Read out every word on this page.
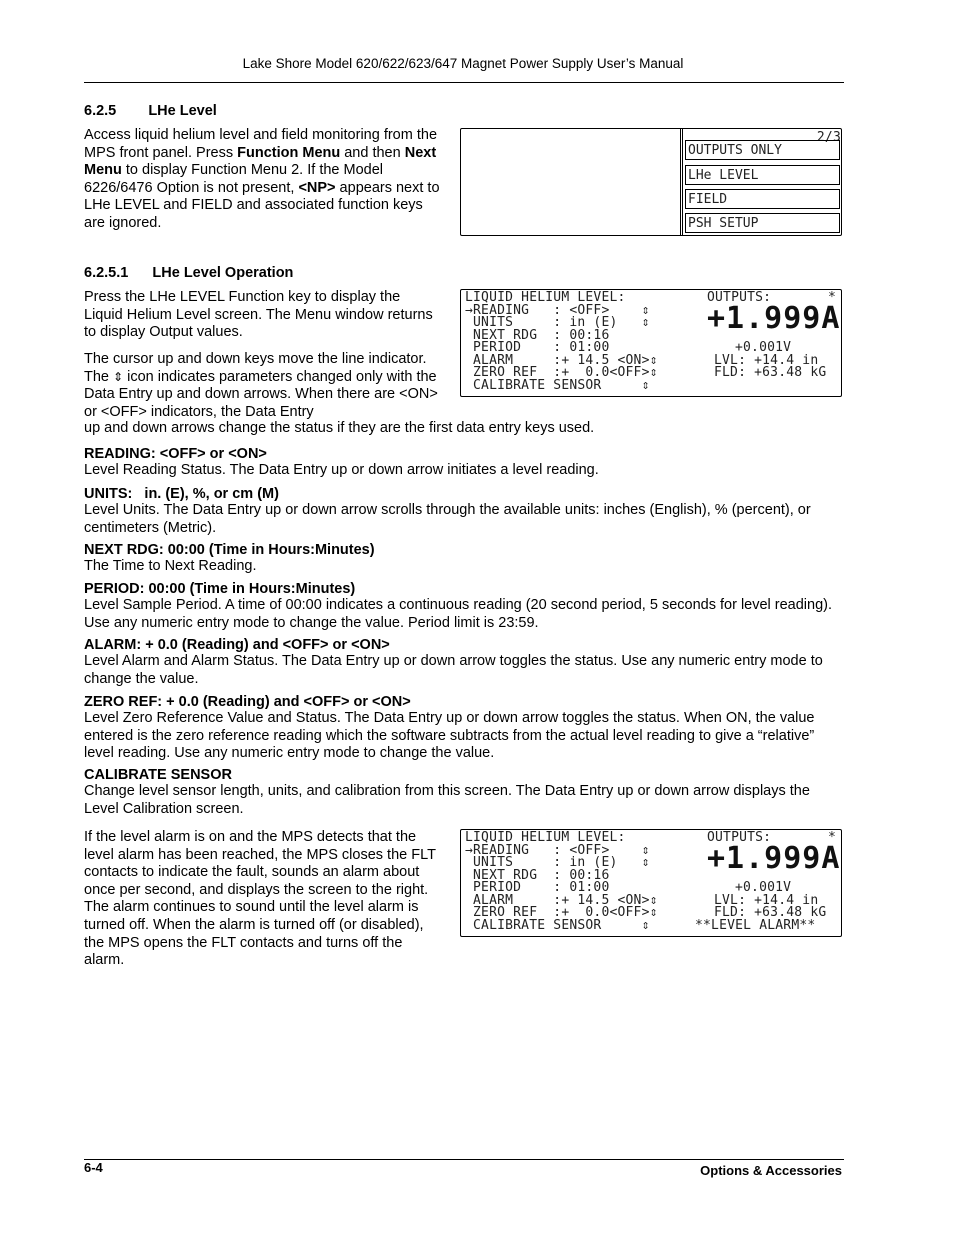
Lake Shore Model 620/622/623/647 Magnet Power Supply User’s Manual
6.2.5 LHe Level
Access liquid helium level and field monitoring from the MPS front panel. Press Function Menu and then Next Menu to display Function Menu 2. If the Model 6226/6476 Option is not present, <NP> appears next to LHe LEVEL and FIELD and associated function keys are ignored.
2/3
OUTPUTS ONLY
LHe LEVEL
FIELD
PSH SETUP
6.2.5.1 LHe Level Operation
Press the LHe LEVEL Function key to display the Liquid Helium Level screen. The Menu window returns to display Output values.
The cursor up and down keys move the line indicator. The ⇕ icon indicates parameters changed only with the Data Entry up and down arrows. When there are <ON> or <OFF> indicators, the Data Entry
up and down arrows change the status if they are the first data entry keys used.
LIQUID HELIUM LEVEL:
→READING   : <OFF>    ⇕
UNITS     : in (E)   ⇕
NEXT RDG  : 00:16
PERIOD    : 01:00
ALARM     :+ 14.5 <ON>⇕
ZERO REF  :+  0.0<OFF>⇕
CALIBRATE SENSOR     ⇕
OUTPUTS:	*
+1.999A
+0.001V
LVL: +14.4 in
FLD: +63.48 kG
READING: <OFF> or <ON>
Level Reading Status. The Data Entry up or down arrow initiates a level reading.
UNITS:   in. (E), %, or cm (M)
Level Units. The Data Entry up or down arrow scrolls through the available units: inches (English), % (percent), or centimeters (Metric).
NEXT RDG: 00:00 (Time in Hours:Minutes)
The Time to Next Reading.
PERIOD: 00:00 (Time in Hours:Minutes)
Level Sample Period. A time of 00:00 indicates a continuous reading (20 second period, 5 seconds for level reading). Use any numeric entry mode to change the value. Period limit is 23:59.
ALARM: + 0.0 (Reading) and <OFF> or <ON>
Level Alarm and Alarm Status. The Data Entry up or down arrow toggles the status. Use any numeric entry mode to change the value.
ZERO REF: + 0.0 (Reading) and <OFF> or <ON>
Level Zero Reference Value and Status. The Data Entry up or down arrow toggles the status. When ON, the value entered is the zero reference reading which the software subtracts from the actual level reading to give a “relative” level reading. Use any numeric entry mode to change the value.
CALIBRATE SENSOR
Change level sensor length, units, and calibration from this screen. The Data Entry up or down arrow displays the Level Calibration screen.
If the level alarm is on and the MPS detects that the level alarm has been reached, the MPS closes the FLT contacts to indicate the fault, sounds an alarm about once per second, and displays the screen to the right. The alarm continues to sound until the level alarm is turned off. When the alarm is turned off (or disabled), the MPS opens the FLT contacts and turns off the alarm.
LIQUID HELIUM LEVEL:
→READING   : <OFF>    ⇕
UNITS     : in (E)   ⇕
NEXT RDG  : 00:16
PERIOD    : 01:00
ALARM     :+ 14.5 <ON>⇕
ZERO REF  :+  0.0<OFF>⇕
CALIBRATE SENSOR     ⇕
OUTPUTS:	*
+1.999A
+0.001V
LVL: +14.4 in
FLD: +63.48 kG
**LEVEL ALARM**
6-4	Options & Accessories
